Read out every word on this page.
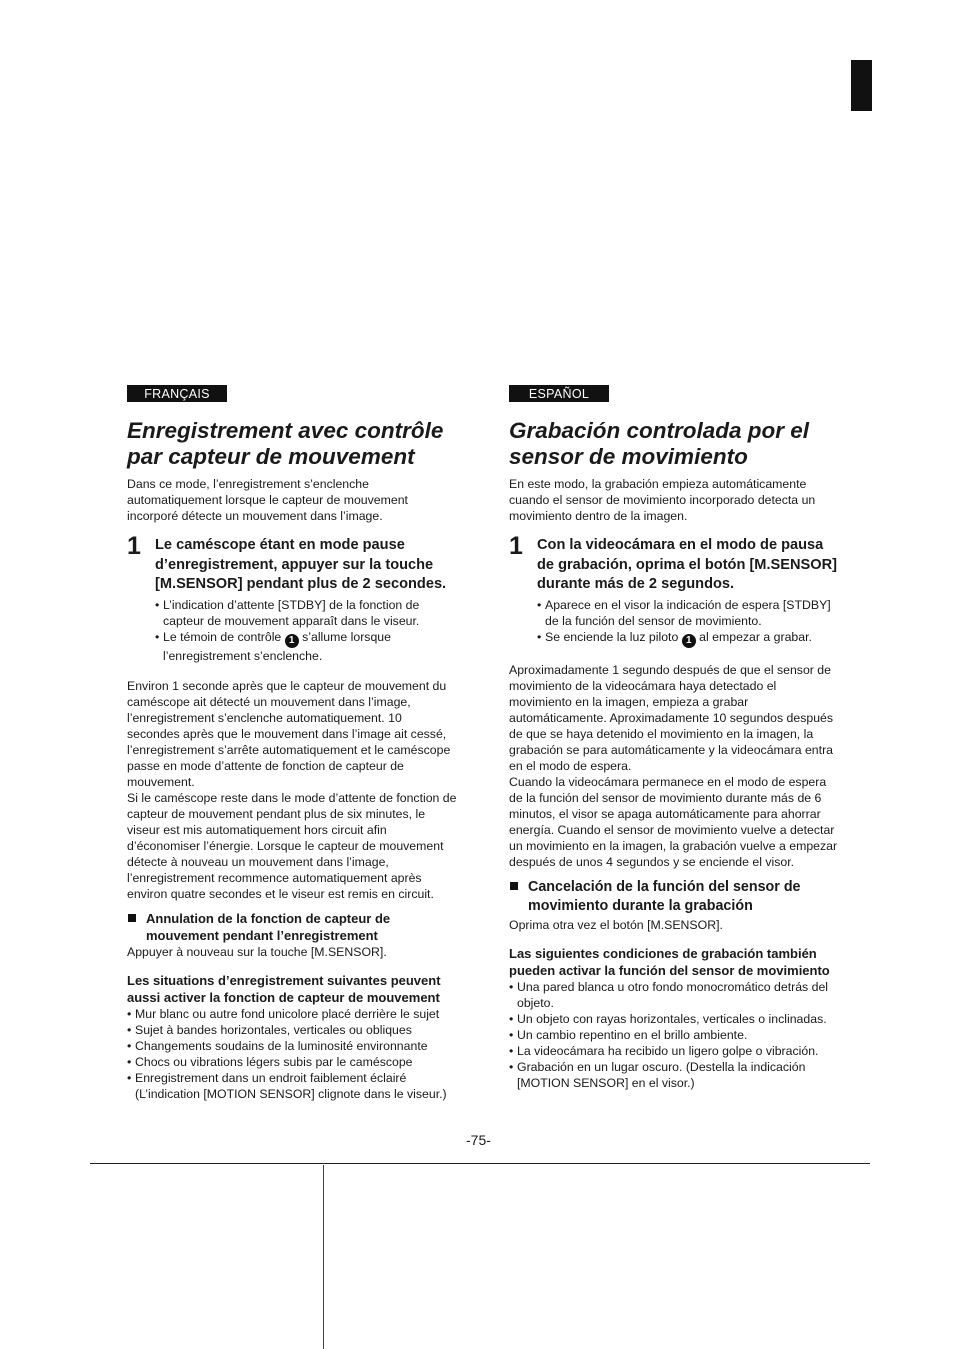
FRANÇAIS
Enregistrement avec contrôle
par capteur de mouvement

Dans ce mode, l’enregistrement s’enclenche automatiquement lorsque le capteur de mouvement incorporé détecte un mouvement dans l’image.

1 Le caméscope étant en mode pause d’enregistrement, appuyer sur la touche [M.SENSOR] pendant plus de 2 secondes.
• L’indication d’attente [STDBY] de la fonction de capteur de mouvement apparaît dans le viseur.
• Le témoin de contrôle 1 s’allume lorsque l’enregistrement s’enclenche.

Environ 1 seconde après que le capteur de mouvement du caméscope ait détecté un mouvement dans l’image, l’enregistrement s’enclenche automatiquement. 10 secondes après que le mouvement dans l’image ait cessé, l’enregistrement s’arrête automatiquement et le caméscope passe en mode d’attente de fonction de capteur de mouvement.

Si le caméscope reste dans le mode d’attente de fonction de capteur de mouvement pendant plus de six minutes, le viseur est mis automatiquement hors circuit afin d’économiser l’énergie. Lorsque le capteur de mouvement détecte à nouveau un mouvement dans l’image, l’enregistrement recommence automatiquement après environ quatre secondes et le viseur est remis en circuit.

Annulation de la fonction de capteur de mouvement pendant l’enregistrement

Appuyer à nouveau sur la touche [M.SENSOR].

Les situations d’enregistrement suivantes peuvent aussi activer la fonction de capteur de mouvement
• Mur blanc ou autre fond unicolore placé derrière le sujet
• Sujet à bandes horizontales, verticales ou obliques
• Changements soudains de la luminosité environnante
• Chocs ou vibrations légers subis par le caméscope
• Enregistrement dans un endroit faiblement éclairé (L’indication [MOTION SENSOR] clignote dans le viseur.)
ESPAÑOL
Grabación controlada por el
sensor de movimiento

En este modo, la grabación empieza automáticamente cuando el sensor de movimiento incorporado detecta un movimiento dentro de la imagen.

1 Con la videocámara en el modo de pausa de grabación, oprima el botón [M.SENSOR] durante más de 2 segundos.
• Aparece en el visor la indicación de espera [STDBY] de la función del sensor de movimiento.
• Se enciende la luz piloto 1 al empezar a grabar.

Aproximadamente 1 segundo después de que el sensor de movimiento de la videocámara haya detectado el movimiento en la imagen, empieza a grabar automáticamente. Aproximadamente 10 segundos después de que se haya detenido el movimiento en la imagen, la grabación se para automáticamente y la videocámara entra en el modo de espera.

Cuando la videocámara permanece en el modo de espera de la función del sensor de movimiento durante más de 6 minutos, el visor se apaga automáticamente para ahorrar energía. Cuando el sensor de movimiento vuelve a detectar un movimiento en la imagen, la grabación vuelve a empezar después de unos 4 segundos y se enciende el visor.

Cancelación de la función del sensor de movimiento durante la grabación

Oprima otra vez el botón [M.SENSOR].

Las siguientes condiciones de grabación también pueden activar la función del sensor de movimiento
• Una pared blanca u otro fondo monocromático detrás del objeto.
• Un objeto con rayas horizontales, verticales o inclinadas.
• Un cambio repentino en el brillo ambiente.
• La videocámara ha recibido un ligero golpe o vibración.
• Grabación en un lugar oscuro. (Destella la indicación [MOTION SENSOR] en el visor.)
-75-
